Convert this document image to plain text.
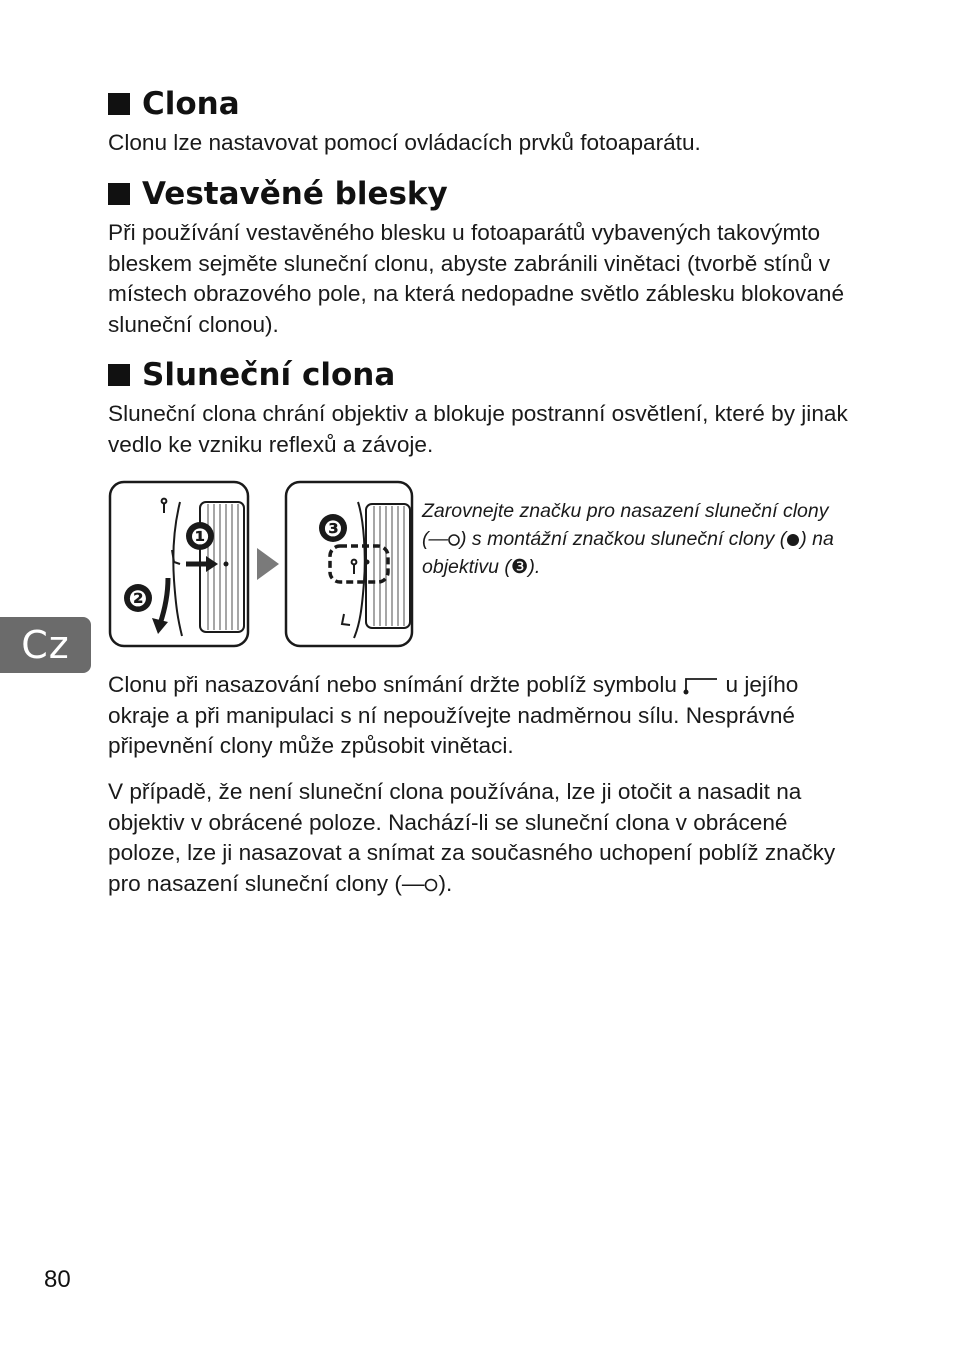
Clona

Clonu lze nastavovat pomocí ovládacích prvků fotoaparátu.

Vestavěné blesky

Při používání vestavěného blesku u fotoaparátů vybavených takovýmto bleskem sejměte sluneční clonu, abyste zabránili vinětaci (tvorbě stínů v místech obrazového pole, na která nedopadne světlo záblesku blokované sluneční clonou).

Sluneční clona

Sluneční clona chrání objektiv a blokuje postranní osvětlení, které by jinak vedlo ke vzniku reflexů a závoje.

❶
❷
❸

Zarovnejte značku pro nasazení sluneční clony (— ) s montážní značkou sluneční clony ( ) na objektivu (❸).

Cz

Clonu při nasazování nebo snímání držte poblíž symbolu u jejího okraje a při manipulaci s ní nepoužívejte nadměrnou sílu. Nesprávné připevnění clony může způsobit vinětaci.

V případě, že není sluneční clona používána, lze ji otočit a nasadit na objektiv v obrácené poloze. Nachází-li se sluneční clona v obrácené poloze, lze ji nasazovat a snímat za současného uchopení poblíž značky pro nasazení sluneční clony (— ).

80
